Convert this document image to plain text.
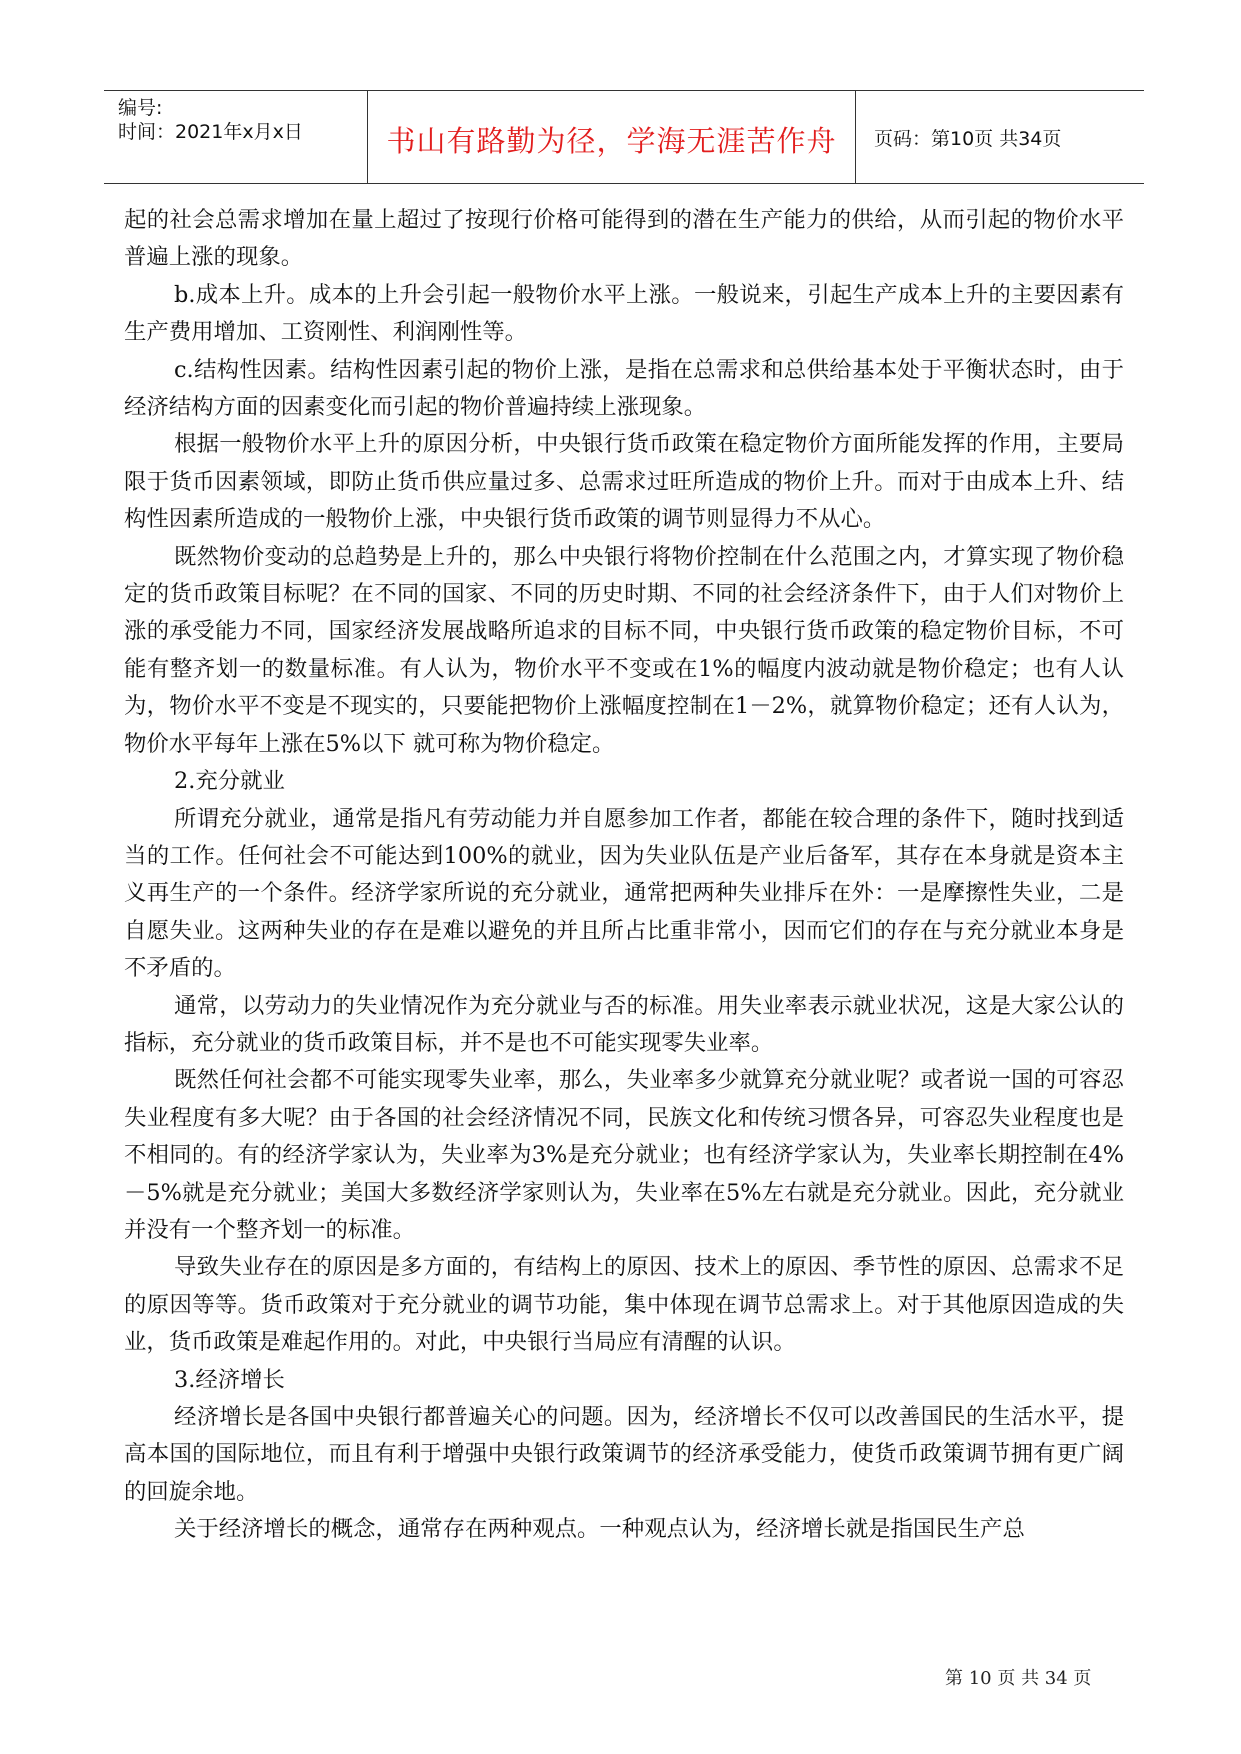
编号:
时间：2021年x月x日	书山有路勤为径，学海无涯苦作舟	页码：第10页 共34页

起的社会总需求增加在量上超过了按现行价格可能得到的潜在生产能力的供给，从而引起的物价水平普遍上涨的现象。

b.成本上升。成本的上升会引起一般物价水平上涨。一般说来，引起生产成本上升的主要因素有生产费用增加、工资刚性、利润刚性等。

c.结构性因素。结构性因素引起的物价上涨，是指在总需求和总供给基本处于平衡状态时，由于经济结构方面的因素变化而引起的物价普遍持续上涨现象。

根据一般物价水平上升的原因分析，中央银行货币政策在稳定物价方面所能发挥的作用，主要局限于货币因素领域，即防止货币供应量过多、总需求过旺所造成的物价上升。而对于由成本上升、结构性因素所造成的一般物价上涨，中央银行货币政策的调节则显得力不从心。

既然物价变动的总趋势是上升的，那么中央银行将物价控制在什么范围之内，才算实现了物价稳定的货币政策目标呢？在不同的国家、不同的历史时期、不同的社会经济条件下，由于人们对物价上涨的承受能力不同，国家经济发展战略所追求的目标不同，中央银行货币政策的稳定物价目标，不可能有整齐划一的数量标准。有人认为，物价水平不变或在1%的幅度内波动就是物价稳定；也有人认为，物价水平不变是不现实的，只要能把物价上涨幅度控制在1－2%，就算物价稳定；还有人认为，物价水平每年上涨在5%以下 就可称为物价稳定。

2.充分就业

所谓充分就业，通常是指凡有劳动能力并自愿参加工作者，都能在较合理的条件下，随时找到适当的工作。任何社会不可能达到100%的就业，因为失业队伍是产业后备军，其存在本身就是资本主义再生产的一个条件。经济学家所说的充分就业，通常把两种失业排斥在外：一是摩擦性失业，二是自愿失业。这两种失业的存在是难以避免的并且所占比重非常小，因而它们的存在与充分就业本身是不矛盾的。

通常，以劳动力的失业情况作为充分就业与否的标准。用失业率表示就业状况，这是大家公认的指标，充分就业的货币政策目标，并不是也不可能实现零失业率。

既然任何社会都不可能实现零失业率，那么，失业率多少就算充分就业呢？或者说一国的可容忍失业程度有多大呢？由于各国的社会经济情况不同，民族文化和传统习惯各异，可容忍失业程度也是不相同的。有的经济学家认为，失业率为3%是充分就业；也有经济学家认为，失业率长期控制在4%－5%就是充分就业；美国大多数经济学家则认为，失业率在5%左右就是充分就业。因此，充分就业并没有一个整齐划一的标准。

导致失业存在的原因是多方面的，有结构上的原因、技术上的原因、季节性的原因、总需求不足的原因等等。货币政策对于充分就业的调节功能，集中体现在调节总需求上。对于其他原因造成的失业，货币政策是难起作用的。对此，中央银行当局应有清醒的认识。

3.经济增长

经济增长是各国中央银行都普遍关心的问题。因为，经济增长不仅可以改善国民的生活水平，提高本国的国际地位，而且有利于增强中央银行政策调节的经济承受能力，使货币政策调节拥有更广阔的回旋余地。

关于经济增长的概念，通常存在两种观点。一种观点认为，经济增长就是指国民生产总

第 10 页 共 34 页
